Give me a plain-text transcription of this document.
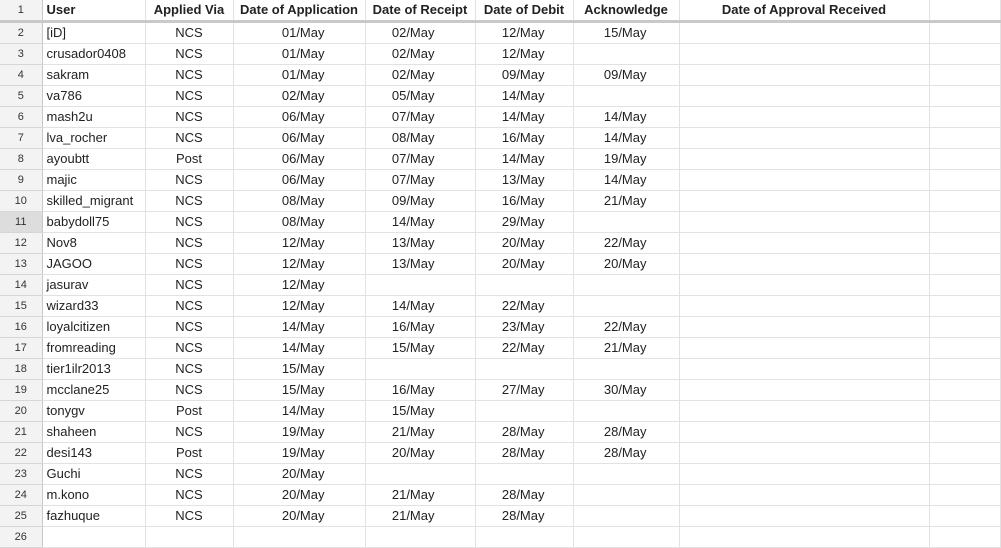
1	User	Applied Via	Date of Application	Date of Receipt	Date of Debit	Acknowledge	Date of Approval Received	
2	[iD]	NCS	01/May	02/May	12/May	15/May		
3	crusador0408	NCS	01/May	02/May	12/May			
4	sakram	NCS	01/May	02/May	09/May	09/May		
5	va786	NCS	02/May	05/May	14/May			
6	mash2u	NCS	06/May	07/May	14/May	14/May		
7	lva_rocher	NCS	06/May	08/May	16/May	14/May		
8	ayoubtt	Post	06/May	07/May	14/May	19/May		
9	majic	NCS	06/May	07/May	13/May	14/May		
10	skilled_migrant	NCS	08/May	09/May	16/May	21/May		
11	babydoll75	NCS	08/May	14/May	29/May			
12	Nov8	NCS	12/May	13/May	20/May	22/May		
13	JAGOO	NCS	12/May	13/May	20/May	20/May		
14	jasurav	NCS	12/May					
15	wizard33	NCS	12/May	14/May	22/May			
16	loyalcitizen	NCS	14/May	16/May	23/May	22/May		
17	fromreading	NCS	14/May	15/May	22/May	21/May		
18	tier1ilr2013	NCS	15/May					
19	mcclane25	NCS	15/May	16/May	27/May	30/May		
20	tonygv	Post	14/May	15/May				
21	shaheen	NCS	19/May	21/May	28/May	28/May		
22	desi143	Post	19/May	20/May	28/May	28/May		
23	Guchi	NCS	20/May					
24	m.kono	NCS	20/May	21/May	28/May			
25	fazhuque	NCS	20/May	21/May	28/May			
26								
